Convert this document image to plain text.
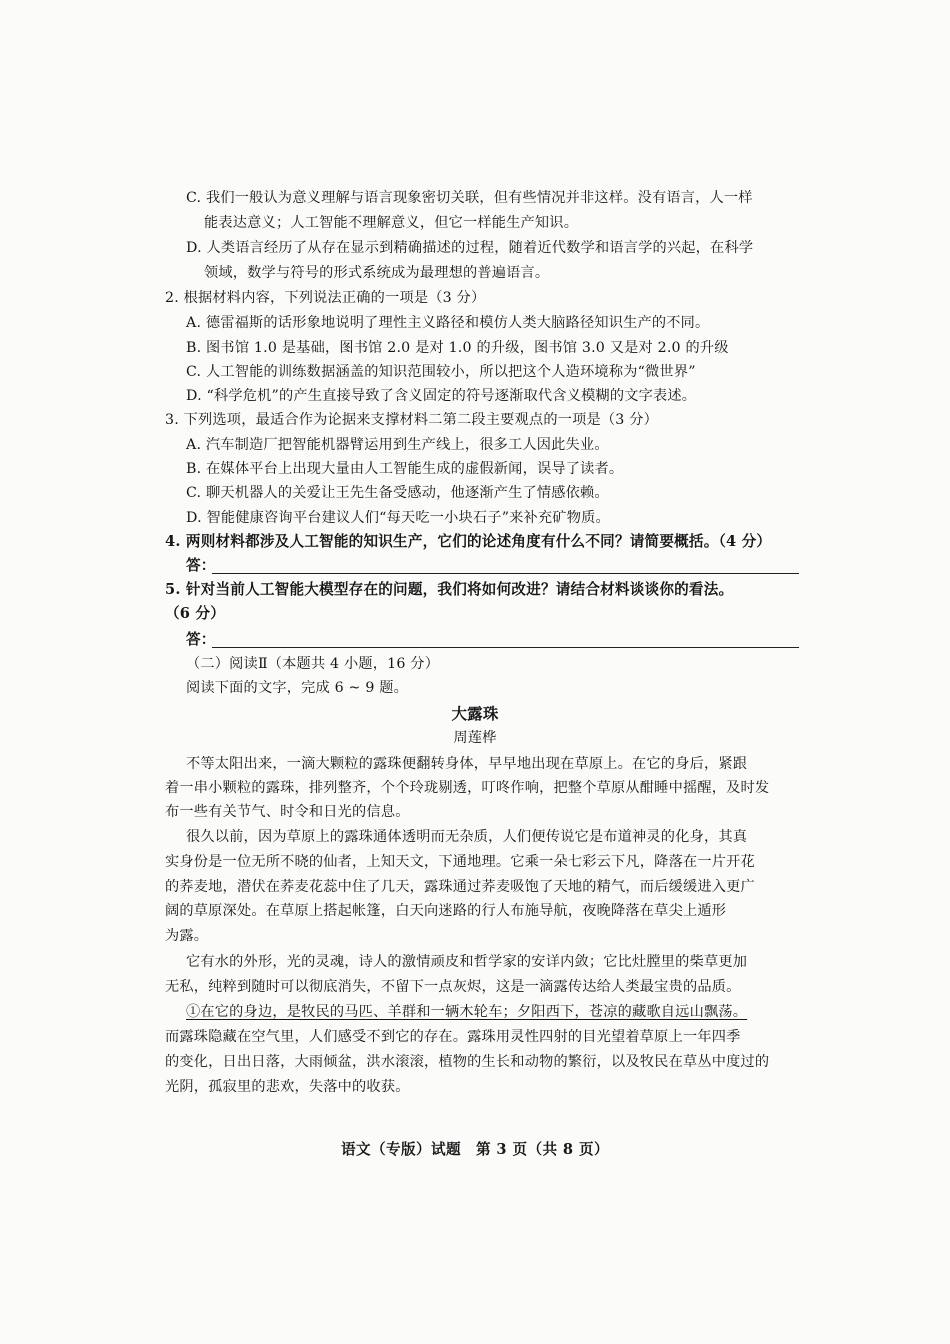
C. 我们一般认为意义理解与语言现象密切关联，但有些情况并非这样。没有语言，人一样
能表达意义；人工智能不理解意义，但它一样能生产知识。
D. 人类语言经历了从存在显示到精确描述的过程，随着近代数学和语言学的兴起，在科学
领域，数学与符号的形式系统成为最理想的普遍语言。
2. 根据材料内容，下列说法正确的一项是（3 分）
A. 德雷福斯的话形象地说明了理性主义路径和模仿人类大脑路径知识生产的不同。
B. 图书馆 1.0 是基础，图书馆 2.0 是对 1.0 的升级，图书馆 3.0 又是对 2.0 的升级
C. 人工智能的训练数据涵盖的知识范围较小，所以把这个人造环境称为“微世界”
D. “科学危机”的产生直接导致了含义固定的符号逐渐取代含义模糊的文字表述。
3. 下列选项，最适合作为论据来支撑材料二第二段主要观点的一项是（3 分）
A. 汽车制造厂把智能机器臂运用到生产线上，很多工人因此失业。
B. 在媒体平台上出现大量由人工智能生成的虚假新闻，误导了读者。
C. 聊天机器人的关爱让王先生备受感动，他逐渐产生了情感依赖。
D. 智能健康咨询平台建议人们“每天吃一小块石子”来补充矿物质。
4. 两则材料都涉及人工智能的知识生产，它们的论述角度有什么不同？请简要概括。（4 分）
答：
5. 针对当前人工智能大模型存在的问题，我们将如何改进？请结合材料谈谈你的看法。
（6 分）
答：
（二）阅读Ⅱ（本题共 4 小题，16 分）
阅读下面的文字，完成 6 ~ 9 题。
大露珠
周莲桦
不等太阳出来，一滴大颗粒的露珠便翻转身体，早早地出现在草原上。在它的身后，紧跟
着一串小颗粒的露珠，排列整齐，个个玲珑剔透，叮咚作响，把整个草原从酣睡中摇醒，及时发
布一些有关节气、时令和日光的信息。
很久以前，因为草原上的露珠通体透明而无杂质，人们便传说它是布道神灵的化身，其真
实身份是一位无所不晓的仙者，上知天文，下通地理。它乘一朵七彩云下凡，降落在一片开花
的荞麦地，潜伏在荞麦花蕊中住了几天，露珠通过荞麦吸饱了天地的精气，而后缓缓进入更广
阔的草原深处。在草原上搭起帐篷，白天向迷路的行人布施导航，夜晚降落在草尖上遁形
为露。
它有水的外形，光的灵魂，诗人的激情顽皮和哲学家的安详内敛；它比灶膛里的柴草更加
无私，纯粹到随时可以彻底消失，不留下一点灰烬，这是一滴露传达给人类最宝贵的品质。
①在它的身边，是牧民的马匹、羊群和一辆木轮车；夕阳西下，苍凉的藏歌自远山飘荡。
而露珠隐藏在空气里，人们感受不到它的存在。露珠用灵性四射的目光望着草原上一年四季
的变化，日出日落，大雨倾盆，洪水滚滚，植物的生长和动物的繁衍，以及牧民在草丛中度过的
光阴，孤寂里的悲欢，失落中的收获。
语文（专版）试题　第 3 页（共 8 页）
